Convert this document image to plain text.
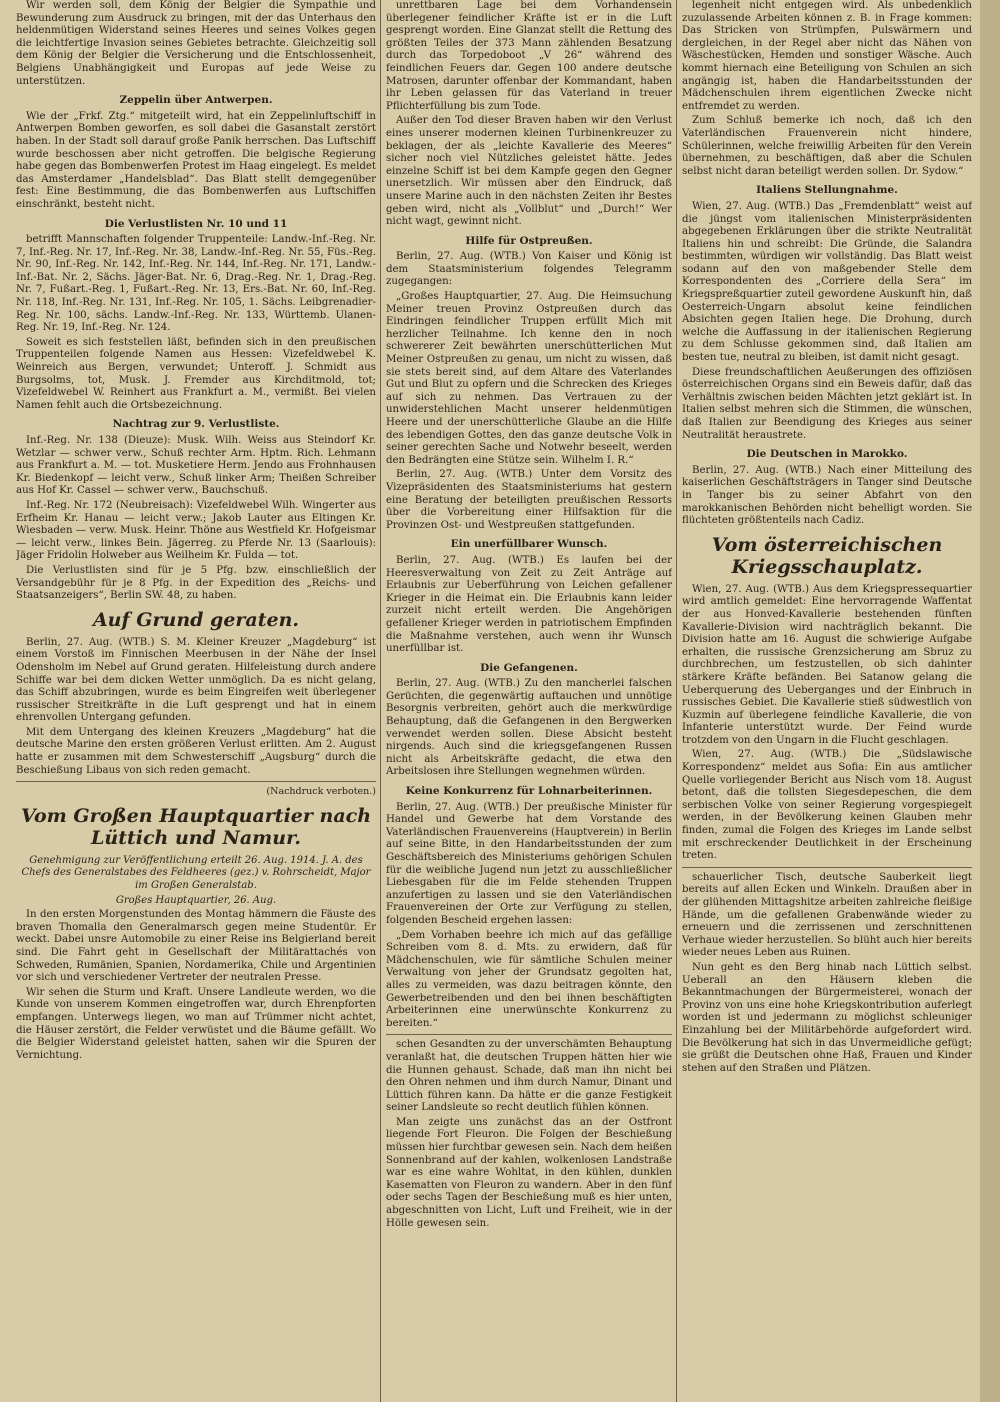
Wir werden soll, dem König der Belgier die Sympathie und Bewunderung zum Ausdruck zu bringen, mit der das Unterhaus den heldenmütigen Widerstand seines Heeres und seines Volkes gegen die leichtfertige Invasion seines Gebietes betrachte. Gleichzeitig soll dem König der Belgier die Versicherung und die Entschlossenheit, Belgiens Unabhängigkeit und Europas auf jede Weise zu unterstützen.

Zeppelin über Antwerpen.

Wie der „Frkf. Ztg.“ mitgeteilt wird, hat ein Zeppelinluftschiff in Antwerpen Bomben geworfen, es soll dabei die Gasanstalt zerstört haben. In der Stadt soll darauf große Panik herrschen. Das Luftschiff wurde beschossen aber nicht getroffen. Die belgische Regierung habe gegen das Bombenwerfen Protest im Haag eingelegt. Es meldet das Amsterdamer „Handelsblad“. Das Blatt stellt demgegenüber fest: Eine Bestimmung, die das Bombenwerfen aus Luftschiffen einschränkt, besteht nicht.

Die Verlustlisten Nr. 10 und 11

betrifft Mannschaften folgender Truppenteile: Landw.-Inf.-Reg. Nr. 7, Inf.-Reg. Nr. 17, Inf.-Reg. Nr. 38, Landw.-Inf.-Reg. Nr. 55, Füs.-Reg. Nr. 90, Inf.-Reg. Nr. 142, Inf.-Reg. Nr. 144, Inf.-Reg. Nr. 171, Landw.-Inf.-Bat. Nr. 2, Sächs. Jäger-Bat. Nr. 6, Drag.-Reg. Nr. 1, Drag.-Reg. Nr. 7, Fußart.-Reg. 1, Fußart.-Reg. Nr. 13, Ers.-Bat. Nr. 60, Inf.-Reg. Nr. 118, Inf.-Reg. Nr. 131, Inf.-Reg. Nr. 105, 1. Sächs. Leibgrenadier-Reg. Nr. 100, sächs. Landw.-Inf.-Reg. Nr. 133, Württemb. Ulanen-Reg. Nr. 19, Inf.-Reg. Nr. 124.

Soweit es sich feststellen läßt, befinden sich in den preußischen Truppenteilen folgende Namen aus Hessen: Vizefeldwebel K. Weinreich aus Bergen, verwundet; Unteroff. J. Schmidt aus Burgsolms, tot, Musk. J. Fremder aus Kirchditmold, tot; Vizefeldwebel W. Reinhert aus Frankfurt a. M., vermißt. Bei vielen Namen fehlt auch die Ortsbezeichnung.

Nachtrag zur 9. Verlustliste.

Inf.-Reg. Nr. 138 (Dieuze): Musk. Wilh. Weiss aus Steindorf Kr. Wetzlar — schwer verw., Schuß rechter Arm. Hptm. Rich. Lehmann aus Frankfurt a. M. — tot. Musketiere Herm. Jendo aus Frohnhausen Kr. Biedenkopf — leicht verw., Schuß linker Arm; Theißen Schreiber aus Hof Kr. Cassel — schwer verw., Bauchschuß.

Inf.-Reg. Nr. 172 (Neubreisach): Vizefeldwebel Wilh. Wingerter aus Erfheim Kr. Hanau — leicht verw.; Jakob Lauter aus Eltingen Kr. Wiesbaden — verw. Musk. Heinr. Thöne aus Westfield Kr. Hofgeismar — leicht verw., linkes Bein. Jägerreg. zu Pferde Nr. 13 (Saarlouis): Jäger Fridolin Holweber aus Weilheim Kr. Fulda — tot.

Die Verlustlisten sind für je 5 Pfg. bzw. einschließlich der Versandgebühr für je 8 Pfg. in der Expedition des „Reichs- und Staatsanzeigers“, Berlin SW. 48, zu haben.

Auf Grund geraten.

Berlin, 27. Aug. (WTB.) S. M. Kleiner Kreuzer „Magdeburg“ ist einem Vorstoß im Finnischen Meerbusen in der Nähe der Insel Odensholm im Nebel auf Grund geraten. Hilfeleistung durch andere Schiffe war bei dem dicken Wetter unmöglich. Da es nicht gelang, das Schiff abzubringen, wurde es beim Eingreifen weit überlegener russischer Streitkräfte in die Luft gesprengt und hat in einem ehrenvollen Untergang gefunden.

Mit dem Untergang des kleinen Kreuzers „Magdeburg“ hat die deutsche Marine den ersten größeren Verlust erlitten. Am 2. August hatte er zusammen mit dem Schwesterschiff „Augsburg“ durch die Beschießung Libaus von sich reden gemacht.

(Nachdruck verboten.)

Vom Großen Hauptquartier nach Lüttich und Namur.

Genehmigung zur Veröffentlichung erteilt 26. Aug. 1914. J. A. des Chefs des Generalstabes des Feldheeres (gez.) v. Rohrscheidt, Major im Großen Generalstab.

Großes Hauptquartier, 26. Aug.

In den ersten Morgenstunden des Montag hämmern die Fäuste des braven Thomalla den Generalmarsch gegen meine Studentür. Er weckt. Dabei unsre Automobile zu einer Reise ins Belgierland bereit sind. Die Fahrt geht in Gesellschaft der Militärattachés von Schweden, Rumänien, Spanien, Nordamerika, Chile und Argentinien vor sich und verschiedener Vertreter der neutralen Presse.

Wir sehen die Sturm und Kraft. Unsere Landleute werden, wo die Kunde von unserem Kommen eingetroffen war, durch Ehrenpforten empfangen. Unterwegs liegen, wo man auf Trümmer nicht achtet, die Häuser zerstört, die Felder verwüstet und die Bäume gefällt. Wo die Belgier Widerstand geleistet hatten, sahen wir die Spuren der Vernichtung.

unrettbaren Lage bei dem Vorhandensein überlegener feindlicher Kräfte ist er in die Luft gesprengt worden. Eine Glanzat stellt die Rettung des größten Teiles der 373 Mann zählenden Besatzung durch das Torpedoboot „V 26“ während des feindlichen Feuers dar. Gegen 100 andere deutsche Matrosen, darunter offenbar der Kommandant, haben ihr Leben gelassen für das Vaterland in treuer Pflichterfüllung bis zum Tode.

Außer den Tod dieser Braven haben wir den Verlust eines unserer modernen kleinen Turbinenkreuzer zu beklagen, der als „leichte Kavallerie des Meeres“ sicher noch viel Nützliches geleistet hätte. Jedes einzelne Schiff ist bei dem Kampfe gegen den Gegner unersetzlich. Wir müssen aber den Eindruck, daß unsere Marine auch in den nächsten Zeiten ihr Bestes geben wird, nicht als „Vollblut“ und „Durch!“ Wer nicht wagt, gewinnt nicht.

Hilfe für Ostpreußen.

Berlin, 27. Aug. (WTB.) Von Kaiser und König ist dem Staatsministerium folgendes Telegramm zugegangen:

„Großes Hauptquartier, 27. Aug. Die Heimsuchung Meiner treuen Provinz Ostpreußen durch das Eindringen feindlicher Truppen erfüllt Mich mit herzlicher Teilnahme. Ich kenne den in noch schwererer Zeit bewährten unerschütterlichen Mut Meiner Ostpreußen zu genau, um nicht zu wissen, daß sie stets bereit sind, auf dem Altare des Vaterlandes Gut und Blut zu opfern und die Schrecken des Krieges auf sich zu nehmen. Das Vertrauen zu der unwiderstehlichen Macht unserer heldenmütigen Heere und der unerschütterliche Glaube an die Hilfe des lebendigen Gottes, den das ganze deutsche Volk in seiner gerechten Sache und Notwehr beseelt, werden den Bedrängten eine Stütze sein. Wilhelm I. R.“

Berlin, 27. Aug. (WTB.) Unter dem Vorsitz des Vizepräsidenten des Staatsministeriums hat gestern eine Beratung der beteiligten preußischen Ressorts über die Vorbereitung einer Hilfsaktion für die Provinzen Ost- und Westpreußen stattgefunden.

Ein unerfüllbarer Wunsch.

Berlin, 27. Aug. (WTB.) Es laufen bei der Heeresverwaltung von Zeit zu Zeit Anträge auf Erlaubnis zur Ueberführung von Leichen gefallener Krieger in die Heimat ein. Die Erlaubnis kann leider zurzeit nicht erteilt werden. Die Angehörigen gefallener Krieger werden in patriotischem Empfinden die Maßnahme verstehen, auch wenn ihr Wunsch unerfüllbar ist.

Die Gefangenen.

Berlin, 27. Aug. (WTB.) Zu den mancherlei falschen Gerüchten, die gegenwärtig auftauchen und unnötige Besorgnis verbreiten, gehört auch die merkwürdige Behauptung, daß die Gefangenen in den Bergwerken verwendet werden sollen. Diese Absicht besteht nirgends. Auch sind die kriegsgefangenen Russen nicht als Arbeitskräfte gedacht, die etwa den Arbeitslosen ihre Stellungen wegnehmen würden.

Keine Konkurrenz für Lohnarbeiterinnen.

Berlin, 27. Aug. (WTB.) Der preußische Minister für Handel und Gewerbe hat dem Vorstande des Vaterländischen Frauenvereins (Hauptverein) in Berlin auf seine Bitte, in den Handarbeitsstunden der zum Geschäftsbereich des Ministeriums gehörigen Schulen für die weibliche Jugend nun jetzt zu ausschließlicher Liebesgaben für die im Felde stehenden Truppen anzufertigen zu lassen und sie den Vaterländischen Frauenvereinen der Orte zur Verfügung zu stellen, folgenden Bescheid ergehen lassen:

„Dem Vorhaben beehre ich mich auf das gefällige Schreiben vom 8. d. Mts. zu erwidern, daß für Mädchenschulen, wie für sämtliche Schulen meiner Verwaltung von jeher der Grundsatz gegolten hat, alles zu vermeiden, was dazu beitragen könnte, den Gewerbetreibenden und den bei ihnen beschäftigten Arbeiterinnen eine unerwünschte Konkurrenz zu bereiten.“

schen Gesandten zu der unverschämten Behauptung veranlaßt hat, die deutschen Truppen hätten hier wie die Hunnen gehaust. Schade, daß man ihn nicht bei den Ohren nehmen und ihm durch Namur, Dinant und Lüttich führen kann. Da hätte er die ganze Festigkeit seiner Landsleute so recht deutlich fühlen können.

Man zeigte uns zunächst das an der Ostfront liegende Fort Fleuron. Die Folgen der Beschießung müssen hier furchtbar gewesen sein. Nach dem heißen Sonnenbrand auf der kahlen, wolkenlosen Landstraße war es eine wahre Wohltat, in den kühlen, dunklen Kasematten von Fleuron zu wandern. Aber in den fünf oder sechs Tagen der Beschießung muß es hier unten, abgeschnitten von Licht, Luft und Freiheit, wie in der Hölle gewesen sein.

legenheit nicht entgegen wird. Als unbedenklich zuzulassende Arbeiten können z. B. in Frage kommen: Das Stricken von Strümpfen, Pulswärmern und dergleichen, in der Regel aber nicht das Nähen von Wäschestücken, Hemden und sonstiger Wäsche. Auch kommt hiernach eine Beteiligung von Schulen an sich angängig ist, haben die Handarbeitsstunden der Mädchenschulen ihrem eigentlichen Zwecke nicht entfremdet zu werden.

Zum Schluß bemerke ich noch, daß ich den Vaterländischen Frauenverein nicht hindere, Schülerinnen, welche freiwillig Arbeiten für den Verein übernehmen, zu beschäftigen, daß aber die Schulen selbst nicht daran beteiligt werden sollen. Dr. Sydow.“

Italiens Stellungnahme.

Wien, 27. Aug. (WTB.) Das „Fremdenblatt“ weist auf die jüngst vom italienischen Ministerpräsidenten abgegebenen Erklärungen über die strikte Neutralität Italiens hin und schreibt: Die Gründe, die Salandra bestimmten, würdigen wir vollständig. Das Blatt weist sodann auf den von maßgebender Stelle dem Korrespondenten des „Corriere della Sera“ im Kriegspreßquartier zuteil gewordene Auskunft hin, daß Oesterreich-Ungarn absolut keine feindlichen Absichten gegen Italien hege. Die Drohung, durch welche die Auffassung in der italienischen Regierung zu dem Schlusse gekommen sind, daß Italien am besten tue, neutral zu bleiben, ist damit nicht gesagt.

Diese freundschaftlichen Aeußerungen des offiziösen österreichischen Organs sind ein Beweis dafür, daß das Verhältnis zwischen beiden Mächten jetzt geklärt ist. In Italien selbst mehren sich die Stimmen, die wünschen, daß Italien zur Beendigung des Krieges aus seiner Neutralität heraustrete.

Die Deutschen in Marokko.

Berlin, 27. Aug. (WTB.) Nach einer Mitteilung des kaiserlichen Geschäftsträgers in Tanger sind Deutsche in Tanger bis zu seiner Abfahrt von den marokkanischen Behörden nicht behelligt worden. Sie flüchteten größtenteils nach Cadiz.

Vom österreichischen Kriegsschauplatz.

Wien, 27. Aug. (WTB.) Aus dem Kriegspressequartier wird amtlich gemeldet: Eine hervorragende Waffentat der aus Honved-Kavallerie bestehenden fünften Kavallerie-Division wird nachträglich bekannt. Die Division hatte am 16. August die schwierige Aufgabe erhalten, die russische Grenzsicherung am Sbruz zu durchbrechen, um festzustellen, ob sich dahinter stärkere Kräfte befänden. Bei Satanow gelang die Ueberquerung des Ueberganges und der Einbruch in russisches Gebiet. Die Kavallerie stieß südwestlich von Kuzmin auf überlegene feindliche Kavallerie, die von Infanterie unterstützt wurde. Der Feind wurde trotzdem von den Ungarn in die Flucht geschlagen.

Wien, 27. Aug. (WTB.) Die „Südslawische Korrespondenz“ meldet aus Sofia: Ein aus amtlicher Quelle vorliegender Bericht aus Nisch vom 18. August betont, daß die tollsten Siegesdepeschen, die dem serbischen Volke von seiner Regierung vorgespiegelt werden, in der Bevölkerung keinen Glauben mehr finden, zumal die Folgen des Krieges im Lande selbst mit erschreckender Deutlichkeit in der Erscheinung treten.

schauerlicher Tisch, deutsche Sauberkeit liegt bereits auf allen Ecken und Winkeln. Draußen aber in der glühenden Mittagshitze arbeiten zahlreiche fleißige Hände, um die gefallenen Grabenwände wieder zu erneuern und die zerrissenen und zerschnittenen Verhaue wieder herzustellen. So blüht auch hier bereits wieder neues Leben aus Ruinen.

Nun geht es den Berg hinab nach Lüttich selbst. Ueberall an den Häusern kleben die Bekanntmachungen der Bürgermeisterei, wonach der Provinz von uns eine hohe Kriegskontribution auferlegt worden ist und jedermann zu möglichst schleuniger Einzahlung bei der Militärbehörde aufgefordert wird. Die Bevölkerung hat sich in das Unvermeidliche gefügt; sie grüßt die Deutschen ohne Haß, Frauen und Kinder stehen auf den Straßen und Plätzen.
